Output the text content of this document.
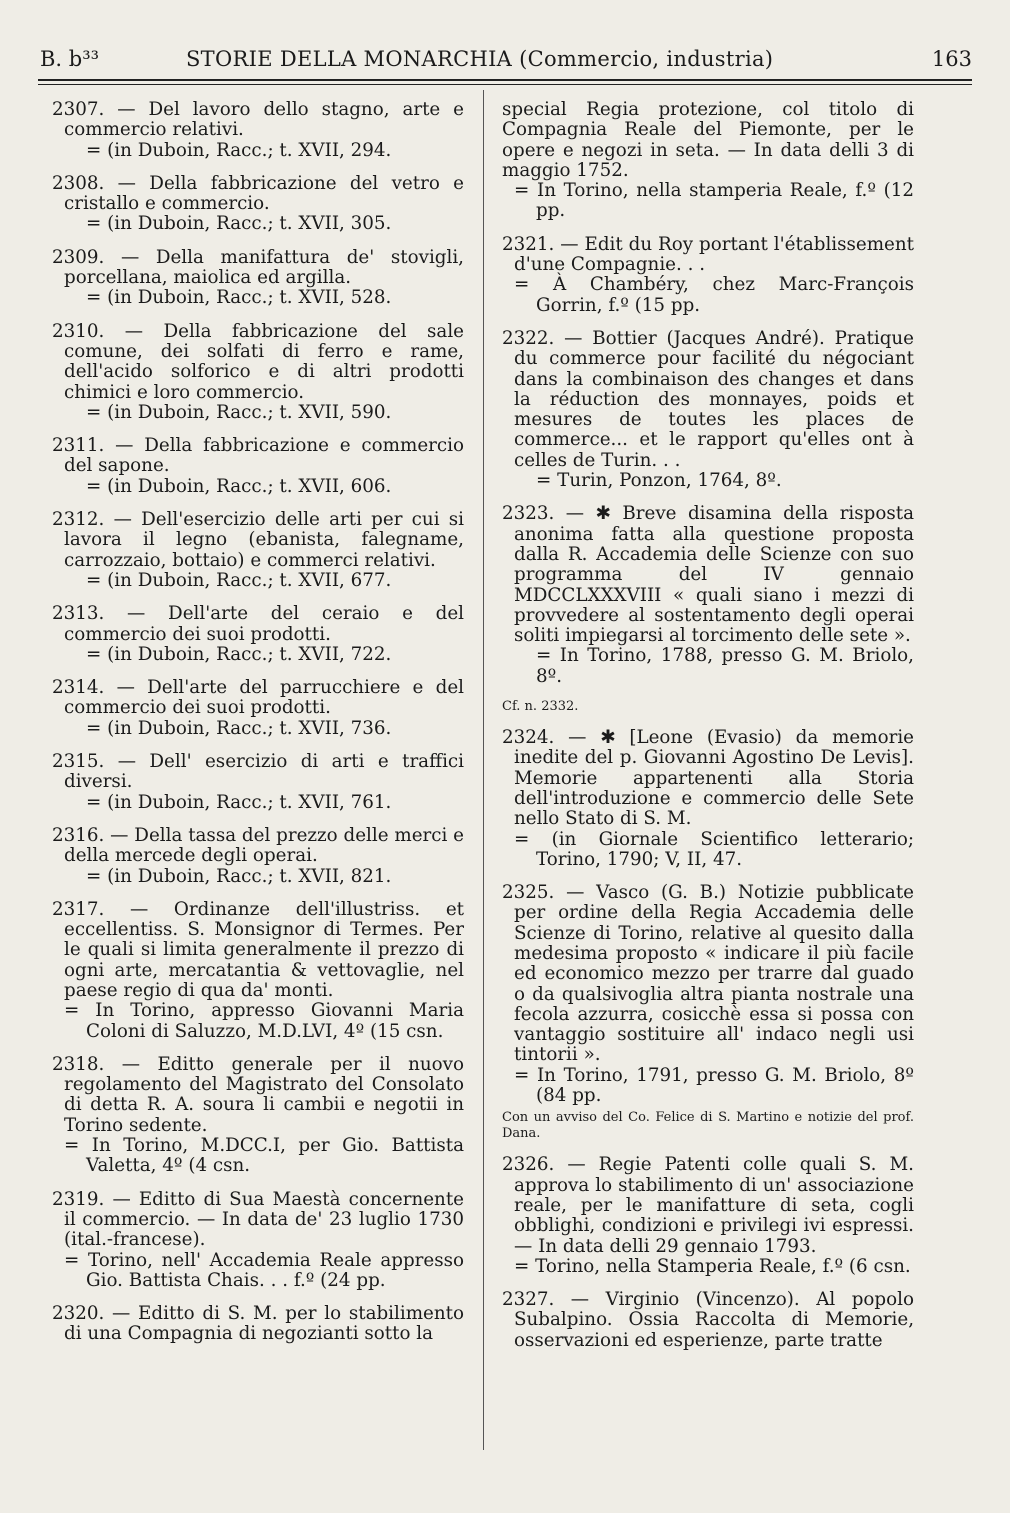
B. b³³	STORIE DELLA MONARCHIA (Commercio, industria)	163

2307. — Del lavoro dello stagno, arte e commercio relativi.

= (in Duboin, Racc.; t. XVII, 294.

2308. — Della fabbricazione del vetro e cristallo e commercio.

= (in Duboin, Racc.; t. XVII, 305.

2309. — Della manifattura de' stovigli, porcellana, maiolica ed argilla.

= (in Duboin, Racc.; t. XVII, 528.

2310. — Della fabbricazione del sale comune, dei solfati di ferro e rame, dell'acido solforico e di altri prodotti chimici e loro commercio.

= (in Duboin, Racc.; t. XVII, 590.

2311. — Della fabbricazione e commercio del sapone.

= (in Duboin, Racc.; t. XVII, 606.

2312. — Dell'esercizio delle arti per cui si lavora il legno (ebanista, falegname, carrozzaio, bottaio) e commerci relativi.

= (in Duboin, Racc.; t. XVII, 677.

2313. — Dell'arte del ceraio e del commercio dei suoi prodotti.

= (in Duboin, Racc.; t. XVII, 722.

2314. — Dell'arte del parrucchiere e del commercio dei suoi prodotti.

= (in Duboin, Racc.; t. XVII, 736.

2315. — Dell' esercizio di arti e traffici diversi.

= (in Duboin, Racc.; t. XVII, 761.

2316. — Della tassa del prezzo delle merci e della mercede degli operai.

= (in Duboin, Racc.; t. XVII, 821.

2317. — Ordinanze dell'illustriss. et eccellentiss. S. Monsignor di Termes. Per le quali si limita generalmente il prezzo di ogni arte, mercatantia & vettovaglie, nel paese regio di qua da' monti.

= In Torino, appresso Giovanni Maria Coloni di Saluzzo, M.D.LVI, 4º (15 csn.

2318. — Editto generale per il nuovo regolamento del Magistrato del Consolato di detta R. A. soura li cambii e negotii in Torino sedente.

= In Torino, M.DCC.I, per Gio. Battista Valetta, 4º (4 csn.

2319. — Editto di Sua Maestà concernente il commercio. — In data de' 23 luglio 1730 (ital.-francese).

= Torino, nell' Accademia Reale appresso Gio. Battista Chais. . . f.º (24 pp.

2320. — Editto di S. M. per lo stabilimento di una Compagnia di negozianti sotto la

special Regia protezione, col titolo di Compagnia Reale del Piemonte, per le opere e negozi in seta. — In data delli 3 di maggio 1752.

= In Torino, nella stamperia Reale, f.º (12 pp.

2321. — Edit du Roy portant l'établissement d'une Compagnie. . .

= À Chambéry, chez Marc-François Gorrin, f.º (15 pp.

2322. — Bottier (Jacques André). Pratique du commerce pour facilité du négociant dans la combinaison des changes et dans la réduction des monnayes, poids et mesures de toutes les places de commerce... et le rapport qu'elles ont à celles de Turin. . .

= Turin, Ponzon, 1764, 8º.

2323. — ✱ Breve disamina della risposta anonima fatta alla questione proposta dalla R. Accademia delle Scienze con suo programma del IV gennaio MDCCLXXXVIII « quali siano i mezzi di provvedere al sostentamento degli operai soliti impiegarsi al torcimento delle sete ».

= In Torino, 1788, presso G. M. Briolo, 8º.

Cf. n. 2332.

2324. — ✱ [Leone (Evasio) da memorie inedite del p. Giovanni Agostino De Levis]. Memorie appartenenti alla Storia dell'introduzione e commercio delle Sete nello Stato di S. M.

= (in Giornale Scientifico letterario; Torino, 1790; V, II, 47.

2325. — Vasco (G. B.) Notizie pubblicate per ordine della Regia Accademia delle Scienze di Torino, relative al quesito dalla medesima proposto « indicare il più facile ed economico mezzo per trarre dal guado o da qualsivoglia altra pianta nostrale una fecola azzurra, cosicchè essa si possa con vantaggio sostituire all' indaco negli usi tintorii ».

= In Torino, 1791, presso G. M. Briolo, 8º (84 pp.

Con un avviso del Co. Felice di S. Martino e notizie del prof. Dana.

2326. — Regie Patenti colle quali S. M. approva lo stabilimento di un' associazione reale, per le manifatture di seta, cogli obblighi, condizioni e privilegi ivi espressi. — In data delli 29 gennaio 1793.

= Torino, nella Stamperia Reale, f.º (6 csn.

2327. — Virginio (Vincenzo). Al popolo Subalpino. Ossia Raccolta di Memorie, osservazioni ed esperienze, parte tratte
